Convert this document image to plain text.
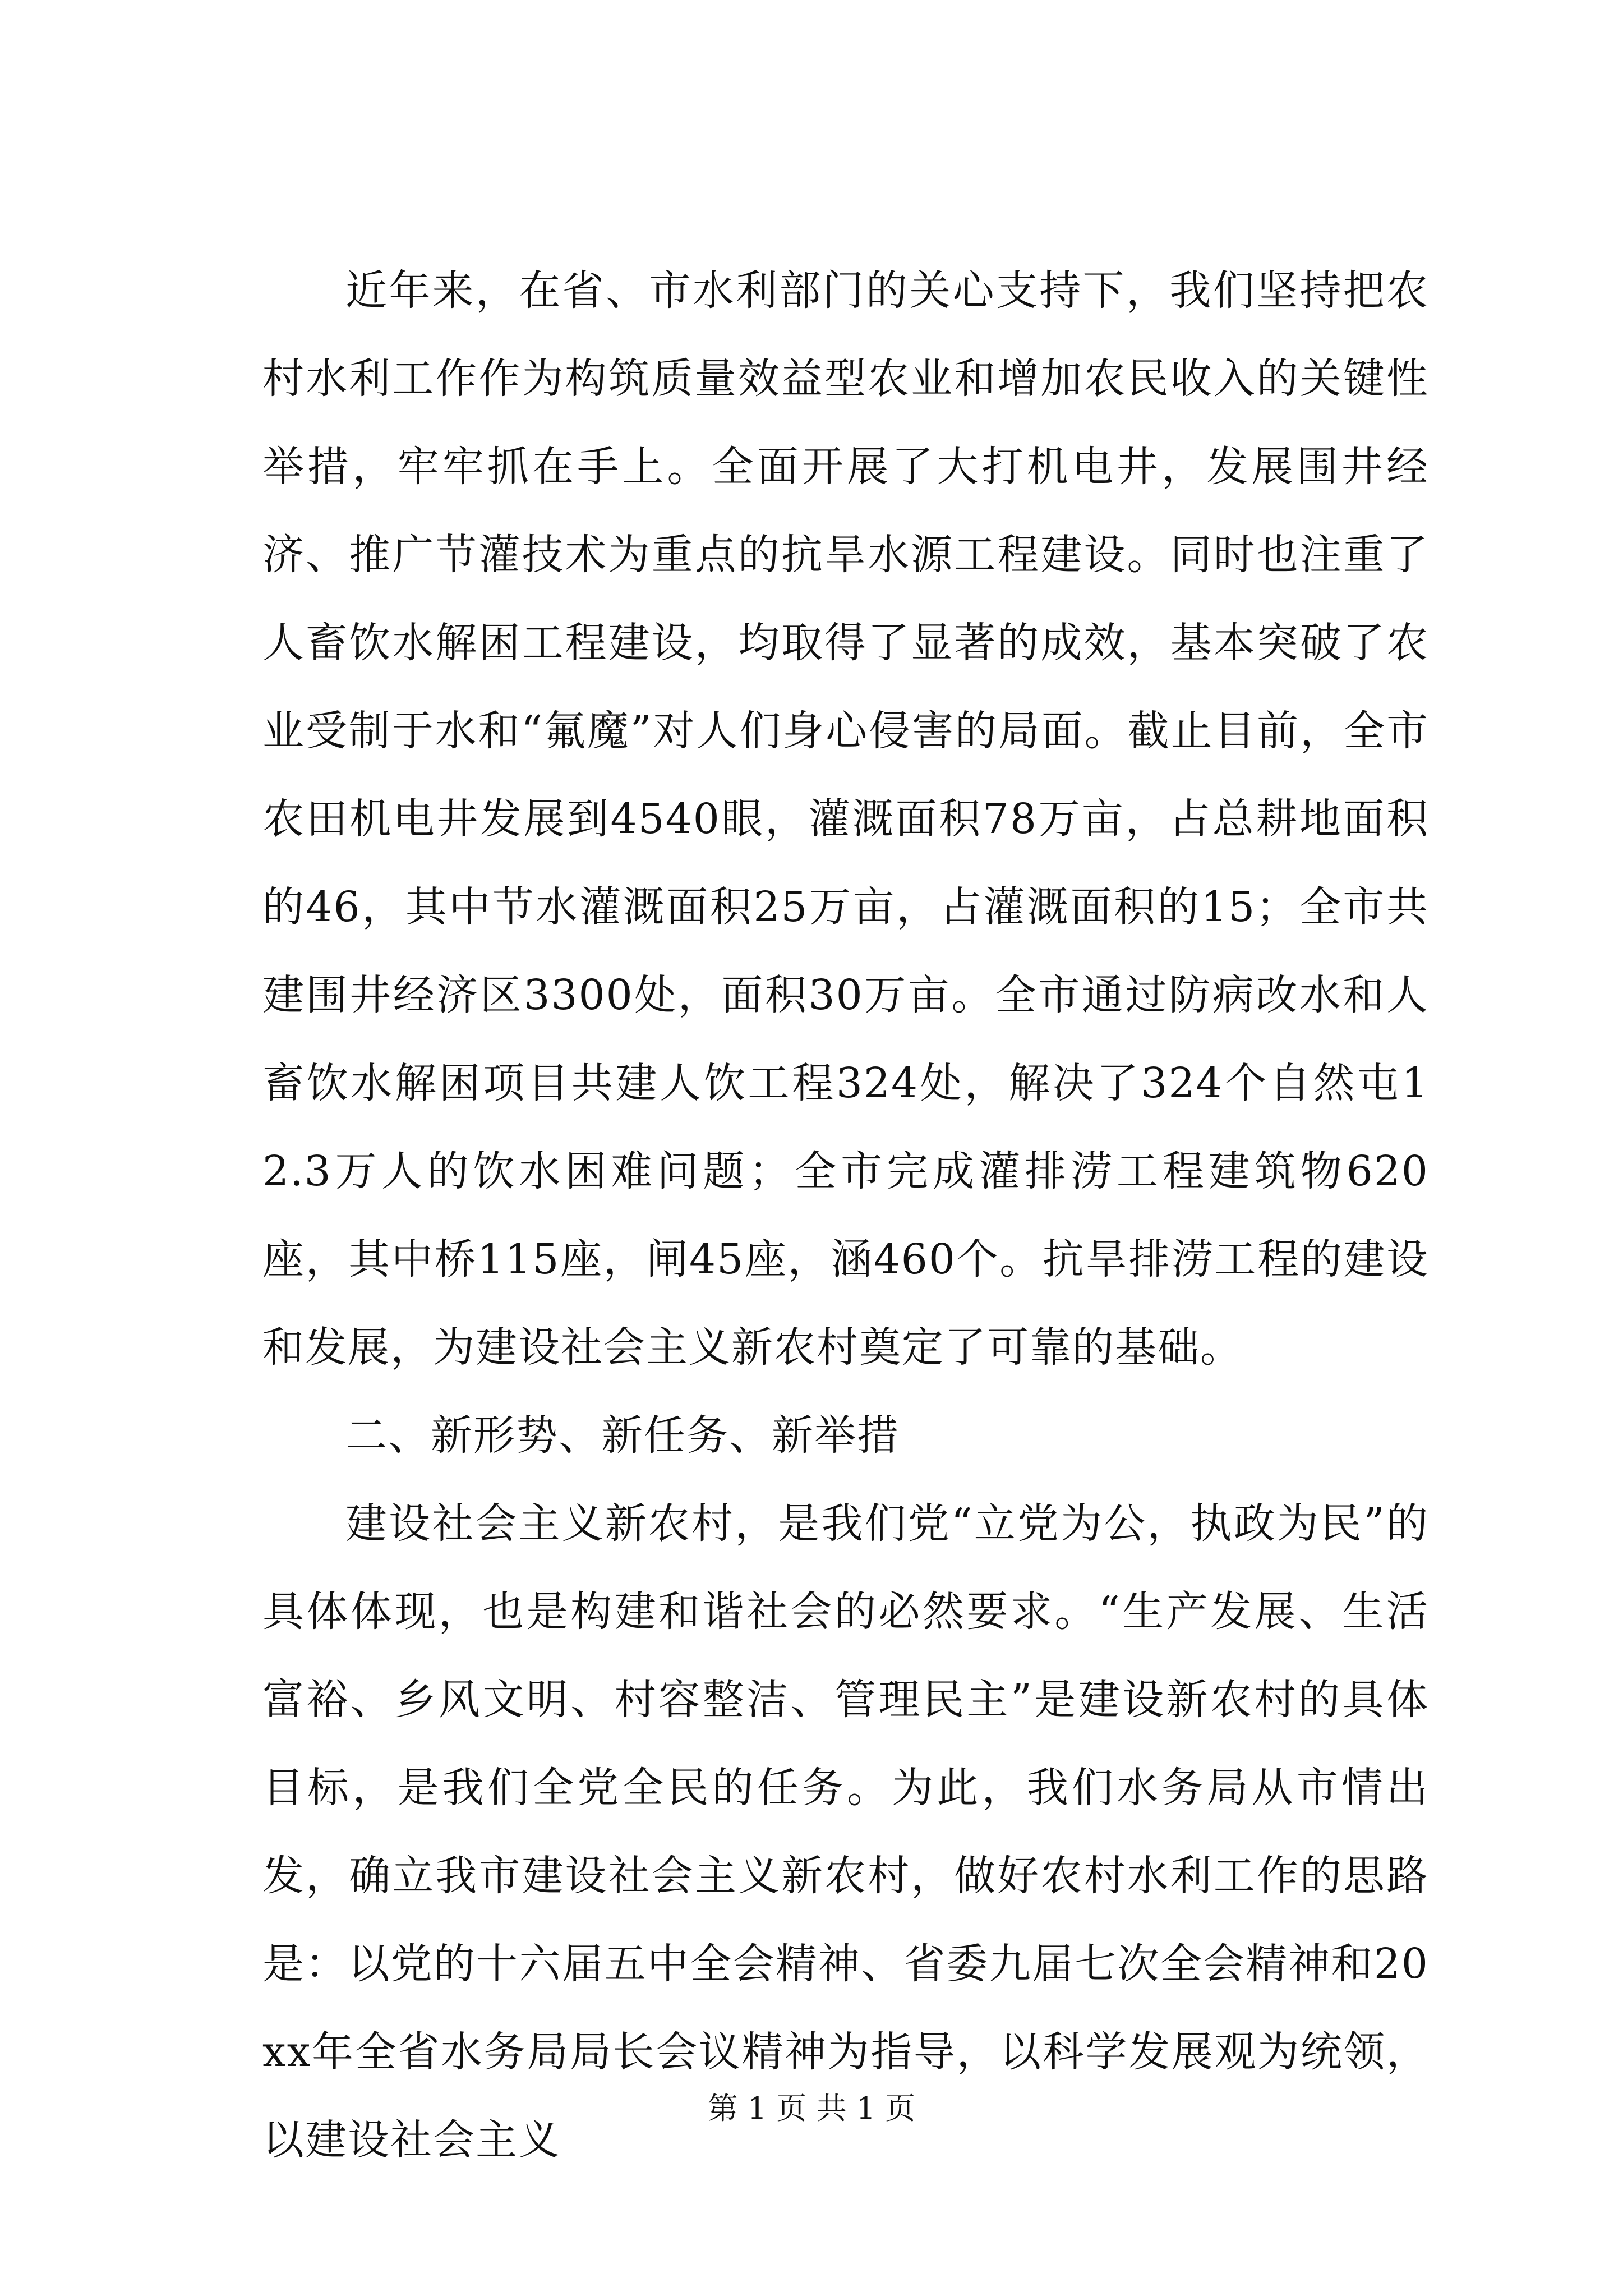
近年来，在省、市水利部门的关心支持下，我们坚持把农村水利工作作为构筑质量效益型农业和增加农民收入的关键性举措，牢牢抓在手上。全面开展了大打机电井，发展围井经济、推广节灌技术为重点的抗旱水源工程建设。同时也注重了人畜饮水解困工程建设，均取得了显著的成效，基本突破了农业受制于水和“氟魔”对人们身心侵害的局面。截止目前，全市农田机电井发展到4540眼，灌溉面积78万亩，占总耕地面积的46，其中节水灌溉面积25万亩，占灌溉面积的15；全市共建围井经济区3300处，面积30万亩。全市通过防病改水和人畜饮水解困项目共建人饮工程324处，解决了324个自然屯12.3万人的饮水困难问题；全市完成灌排涝工程建筑物620座，其中桥115座，闸45座，涵460个。抗旱排涝工程的建设和发展，为建设社会主义新农村奠定了可靠的基础。

二、新形势、新任务、新举措

建设社会主义新农村，是我们党“立党为公，执政为民”的具体体现，也是构建和谐社会的必然要求。“生产发展、生活富裕、乡风文明、村容整洁、管理民主”是建设新农村的具体目标，是我们全党全民的任务。为此，我们水务局从市情出发，确立我市建设社会主义新农村，做好农村水利工作的思路是：以党的十六届五中全会精神、省委九届七次全会精神和20xx年全省水务局局长会议精神为指导，以科学发展观为统领，以建设社会主义

第 1 页 共 1 页
